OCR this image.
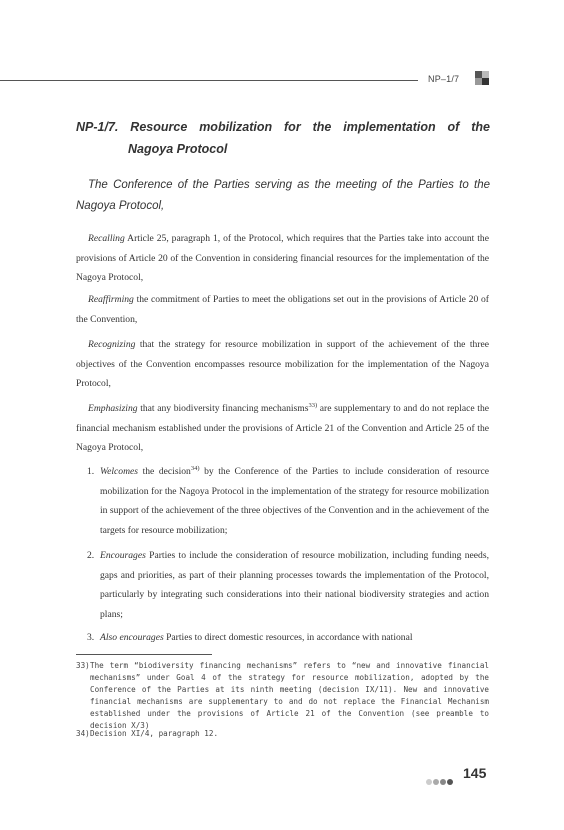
NP–1/7
NP-1/7. Resource mobilization for the implementation of the
Nagoya Protocol
The Conference of the Parties serving as the meeting of the Parties to the Nagoya Protocol,
Recalling Article 25, paragraph 1, of the Protocol, which requires that the Parties take into account the provisions of Article 20 of the Convention in considering financial resources for the implementation of the Nagoya Protocol,
Reaffirming the commitment of Parties to meet the obligations set out in the provisions of Article 20 of the Convention,
Recognizing that the strategy for resource mobilization in support of the achievement of the three objectives of the Convention encompasses resource mobilization for the implementation of the Nagoya Protocol,
Emphasizing that any biodiversity financing mechanisms$^{33)}$ are supplementary to and do not replace the financial mechanism established under the provisions of Article 21 of the Convention and Article 25 of the Nagoya Protocol,
1. Welcomes the decision$^{34)}$ by the Conference of the Parties to include consideration of resource mobilization for the Nagoya Protocol in the implementation of the strategy for resource mobilization in support of the achievement of the three objectives of the Convention and in the achievement of the targets for resource mobilization;
2. Encourages Parties to include the consideration of resource mobilization, including funding needs, gaps and priorities, as part of their planning processes towards the implementation of the Protocol, particularly by integrating such considerations into their national biodiversity strategies and action plans;
3. Also encourages Parties to direct domestic resources, in accordance with national
33) The term “biodiversity financing mechanisms” refers to “new and innovative financial mechanisms” under Goal 4 of the strategy for resource mobilization, adopted by the Conference of the Parties at its ninth meeting (decision IX/11). New and innovative financial mechanisms are supplementary to and do not replace the Financial Mechanism established under the provisions of Article 21 of the Convention (see preamble to decision X/3)
34) Decision XI/4, paragraph 12.
145
